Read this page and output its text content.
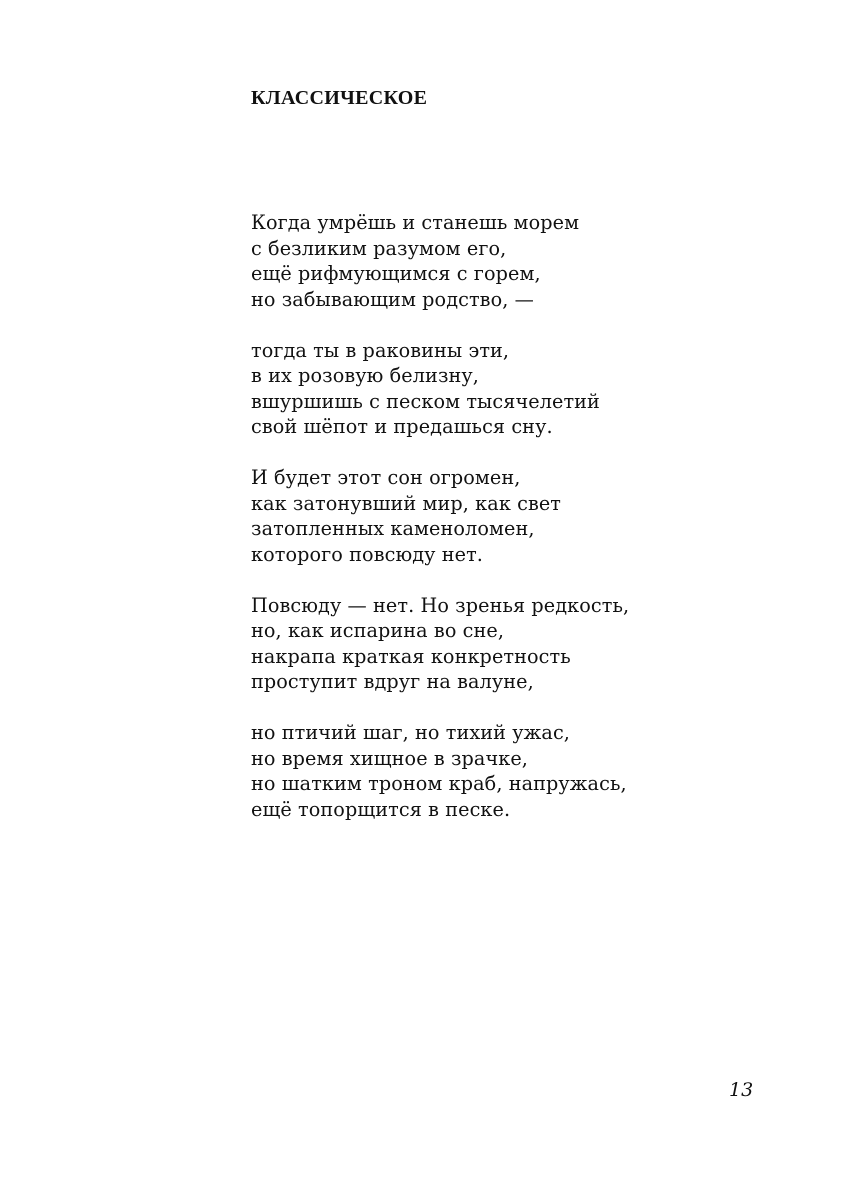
КЛАССИЧЕСКОЕ
Когда умрёшь и станешь морем
с безликим разумом его,
ещё рифмующимся с горем,
но забывающим родство, —
тогда ты в раковины эти,
в их розовую белизну,
вшуршишь с песком тысячелетий
свой шёпот и предашься сну.
И будет этот сон огромен,
как затонувший мир, как свет
затопленных каменоломен,
которого повсюду нет.
Повсюду — нет. Но зренья редкость,
но, как испарина во сне,
накрапа краткая конкретность
проступит вдруг на валуне,
но птичий шаг, но тихий ужас,
но время хищное в зрачке,
но шатким троном краб, напружась,
ещё топорщится в песке.
13
